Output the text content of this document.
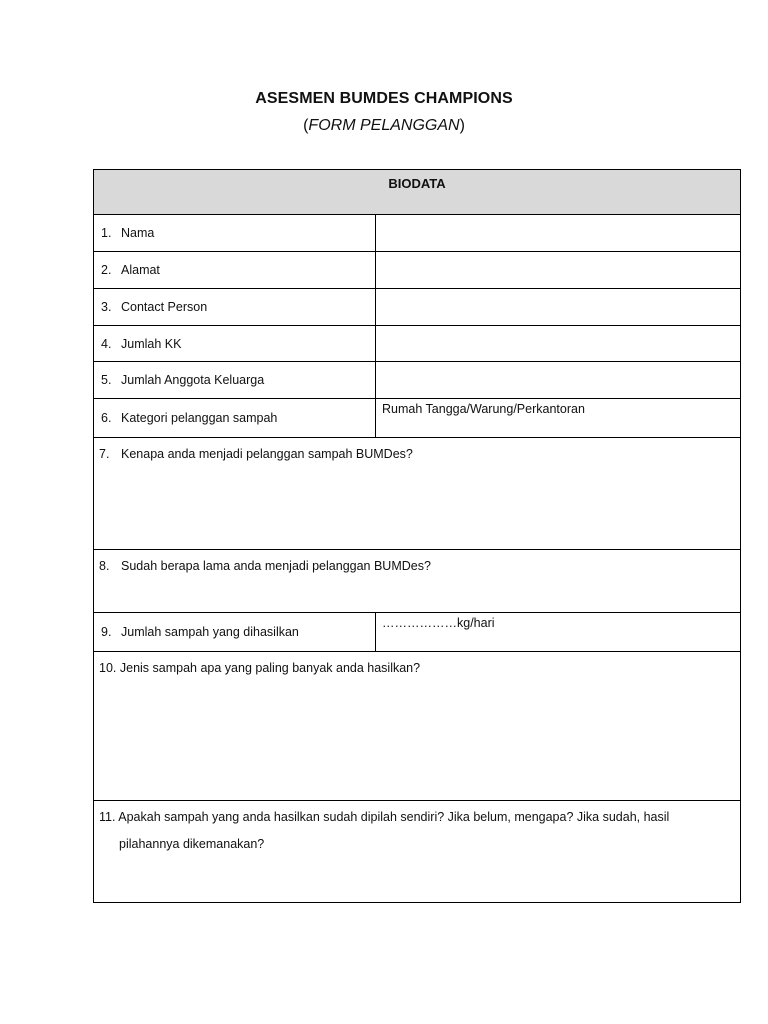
ASESMEN BUMDES CHAMPIONS
(FORM PELANGGAN)
BIODATA
1. Nama
2. Alamat
3. Contact Person
4. Jumlah KK
5. Jumlah Anggota Keluarga
6. Kategori pelanggan sampah
Rumah Tangga/Warung/Perkantoran
7. Kenapa anda menjadi pelanggan sampah BUMDes?
8. Sudah berapa lama anda menjadi pelanggan BUMDes?
9. Jumlah sampah yang dihasilkan
………………kg/hari
10. Jenis sampah apa yang paling banyak anda hasilkan?
11. Apakah sampah yang anda hasilkan sudah dipilah sendiri? Jika belum, mengapa? Jika sudah, hasil
pilahannya dikemanakan?
